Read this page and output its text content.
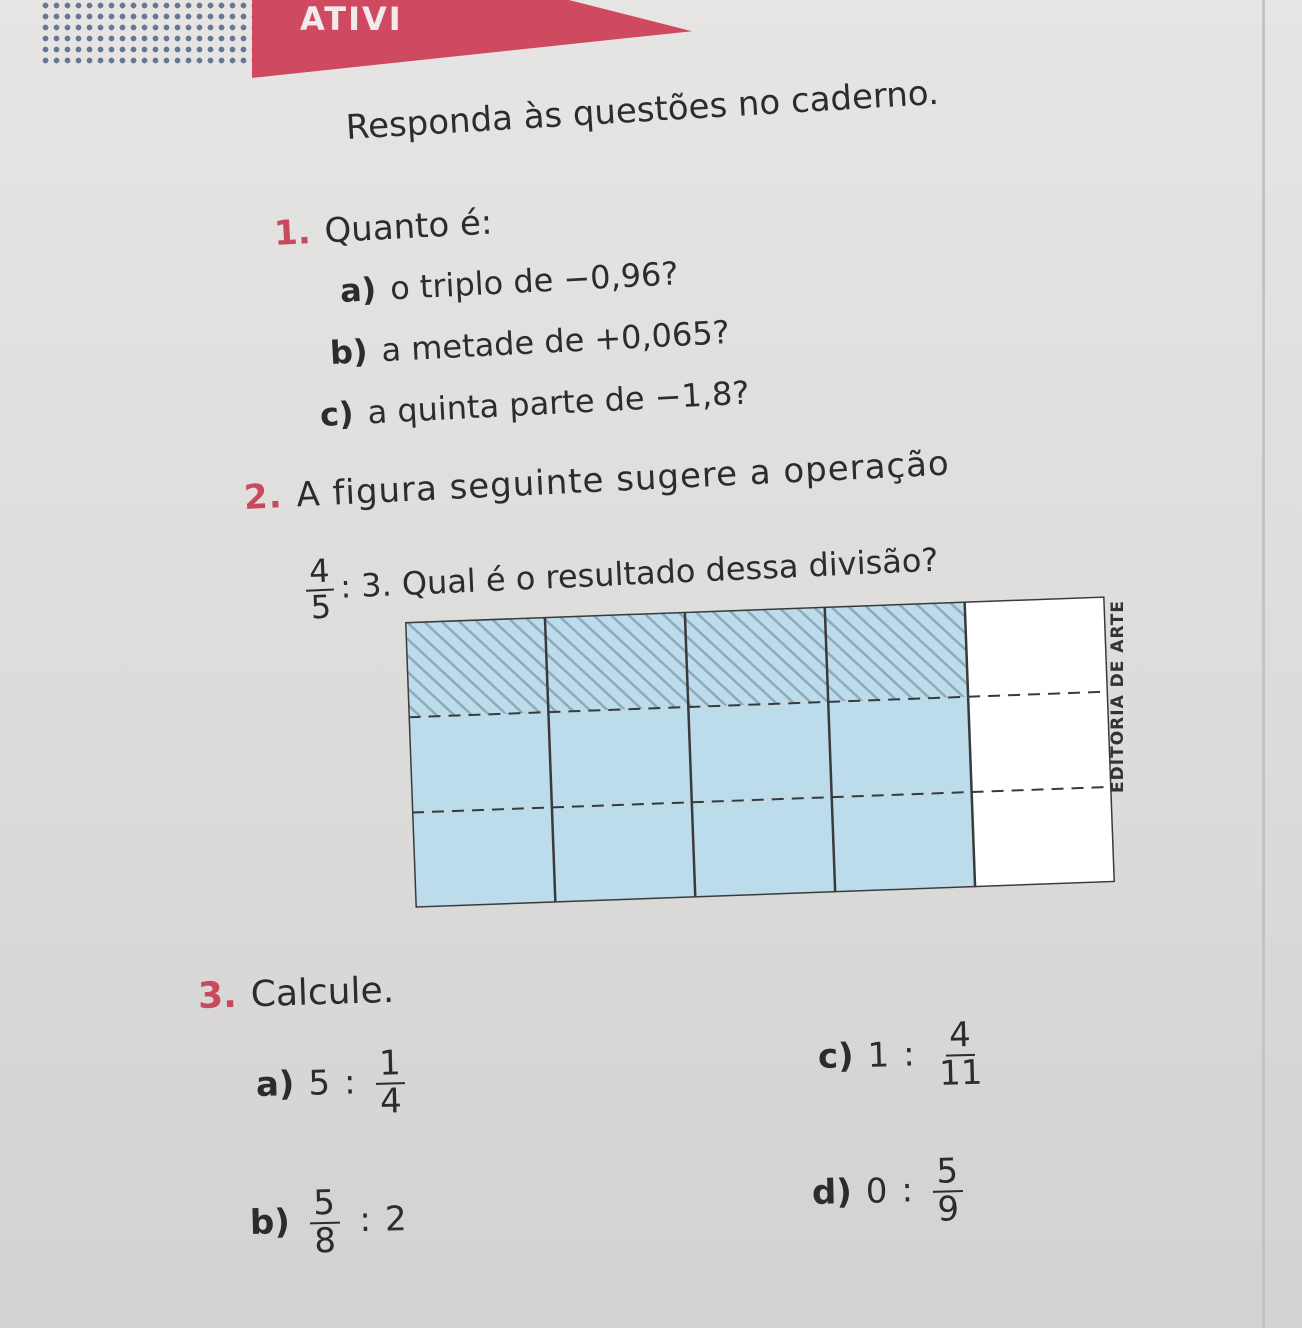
ATIVI
Responda às questões no caderno.
1. Quanto é:
a) o triplo de −0,96?
b) a metade de +0,065?
c) a quinta parte de −1,8?
2. A figura seguinte sugere a operação
$\frac{4}{5}$ : 3. Qual é o resultado dessa divisão?
EDITORIA DE ARTE
3. Calcule.
a) 5 : $\frac{1}{4}$
$b) \frac{5}{8}$ : 2
c) 1 : $\frac{4}{11}$
d) 0 : $\frac{5}{9}$
